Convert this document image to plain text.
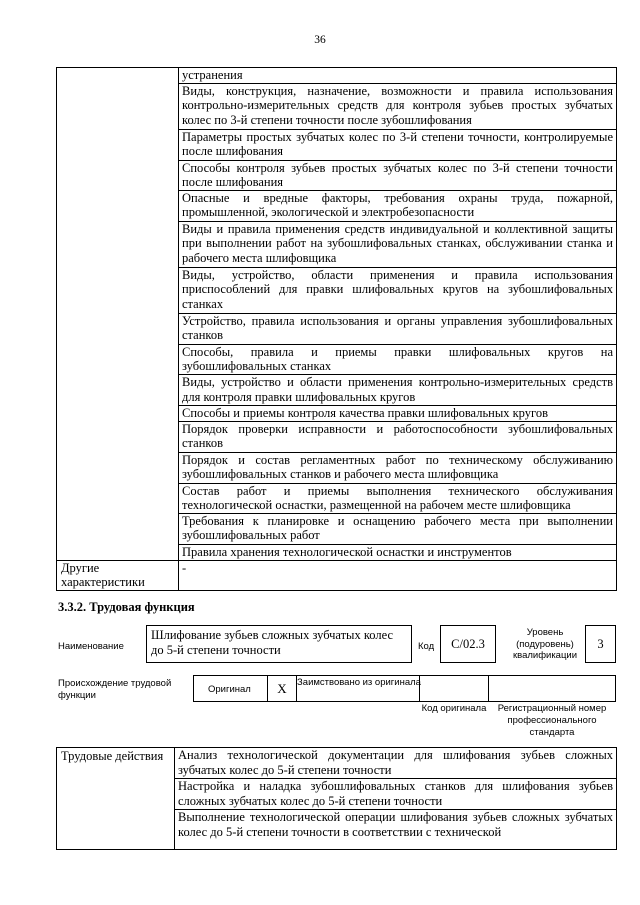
36
	устранения
	Виды, конструкция, назначение, возможности и правила использования контрольно-измерительных средств для контроля зубьев простых зубчатых колес по 3-й степени точности после зубошлифования
	Параметры простых зубчатых колес по 3-й степени точности, контролируемые после шлифования
	Способы контроля зубьев простых зубчатых колес по 3-й степени точности после шлифования
	Опасные и вредные факторы, требования охраны труда, пожарной, промышленной, экологической и электробезопасности
	Виды и правила применения средств индивидуальной и коллективной защиты при выполнении работ на зубошлифовальных станках, обслуживании станка и рабочего места шлифовщика
	Виды, устройство, области применения и правила использования приспособлений для правки шлифовальных кругов на зубошлифовальных станках
	Устройство, правила использования и органы управления зубошлифовальных станков
	Способы, правила и приемы правки шлифовальных кругов на зубошлифовальных станках
	Виды, устройство и области применения контрольно-измерительных средств для контроля правки шлифовальных кругов
	Способы и приемы контроля качества правки шлифовальных кругов
	Порядок проверки исправности и работоспособности зубошлифовальных станков
	Порядок и состав регламентных работ по техническому обслуживанию зубошлифовальных станков и рабочего места шлифовщика
	Состав работ и приемы выполнения технического обслуживания технологической оснастки, размещенной на рабочем месте шлифовщика
	Требования к планировке и оснащению рабочего места при выполнении зубошлифовальных работ
	Правила хранения технологической оснастки и инструментов
Другие характеристики	-
3.3.2. Трудовая функция
Наименование
Шлифование зубьев сложных зубчатых колес до 5-й степени точности	Код	C/02.3
Уровень (подуровень) квалификации
3
Происхождение трудовой функции	Оригинал	X	Заимствовано из оригинала
Код оригинала	Регистрационный номер профессионального стандарта
Трудовые действия	Анализ технологической документации для шлифования зубьев сложных зубчатых колес до 5-й степени точности
Настройка и наладка зубошлифовальных станков для шлифования зубьев сложных зубчатых колес до 5-й степени точности
Выполнение технологической операции шлифования зубьев сложных зубчатых колес до 5-й степени точности в соответствии с технической
